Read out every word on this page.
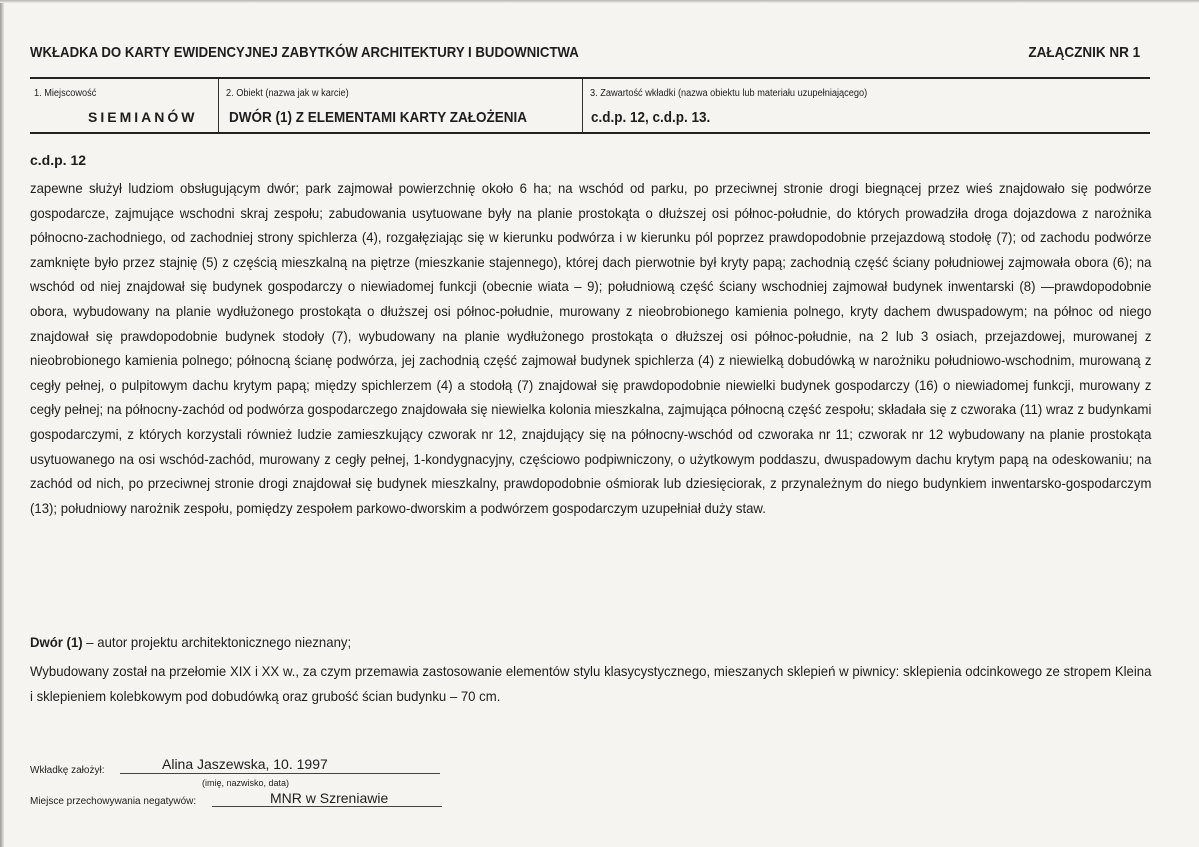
WKŁADKA DO KARTY EWIDENCYJNEJ ZABYTKÓW ARCHITEKTURY I BUDOWNICTWA	ZAŁĄCZNIK NR 1
1. Miejscowość
SIEMIANÓW
2. Obiekt (nazwa jak w karcie)
DWÓR (1) Z ELEMENTAMI KARTY ZAŁOŻENIA
3. Zawartość wkładki (nazwa obiektu lub materiału uzupełniającego)
c.d.p. 12, c.d.p. 13.
c.d.p. 12

zapewne służył ludziom obsługującym dwór; park zajmował powierzchnię około 6 ha; na wschód od parku, po przeciwnej stronie drogi biegnącej przez wieś znajdowało się podwórze gospodarcze, zajmujące wschodni skraj zespołu; zabudowania usytuowane były na planie prostokąta o dłuższej osi północ-południe, do których prowadziła droga dojazdowa z narożnika północno-zachodniego, od zachodniej strony spichlerza (4), rozgałęziając się w kierunku podwórza i w kierunku pól poprzez prawdopodobnie przejazdową stodołę (7); od zachodu podwórze zamknięte było przez stajnię (5) z częścią mieszkalną na piętrze (mieszkanie stajennego), której dach pierwotnie był kryty papą; zachodnią część ściany południowej zajmowała obora (6); na wschód od niej znajdował się budynek gospodarczy o niewiadomej funkcji (obecnie wiata – 9); południową część ściany wschodniej zajmował budynek inwentarski (8) —prawdopodobnie obora, wybudowany na planie wydłużonego prostokąta o dłuższej osi północ-południe, murowany z nieobrobionego kamienia polnego, kryty dachem dwuspadowym; na północ od niego znajdował się prawdopodobnie budynek stodoły (7), wybudowany na planie wydłużonego prostokąta o dłuższej osi północ-południe, na 2 lub 3 osiach, przejazdowej, murowanej z nieobrobionego kamienia polnego; północną ścianę podwórza, jej zachodnią część zajmował budynek spichlerza (4) z niewielką dobudówką w narożniku południowo-wschodnim, murowaną z cegły pełnej, o pulpitowym dachu krytym papą; między spichlerzem (4) a stodołą (7) znajdował się prawdopodobnie niewielki budynek gospodarczy (16) o niewiadomej funkcji, murowany z cegły pełnej; na północny-zachód od podwórza gospodarczego znajdowała się niewielka kolonia mieszkalna, zajmująca północną część zespołu; składała się z czworaka (11) wraz z budynkami gospodarczymi, z których korzystali również ludzie zamieszkujący czworak nr 12, znajdujący się na północny-wschód od czworaka nr 11; czworak nr 12 wybudowany na planie prostokąta usytuowanego na osi wschód-zachód, murowany z cegły pełnej, 1-kondygnacyjny, częściowo podpiwniczony, o użytkowym poddaszu, dwuspadowym dachu krytym papą na odeskowaniu; na zachód od nich, po przeciwnej stronie drogi znajdował się budynek mieszkalny, prawdopodobnie ośmiorak lub dziesięciorak, z przynależnym do niego budynkiem inwentarsko-gospodarczym (13); południowy narożnik zespołu, pomiędzy zespołem parkowo-dworskim a podwórzem gospodarczym uzupełniał duży staw.

Dwór (1) – autor projektu architektonicznego nieznany;

Wybudowany został na przełomie XIX i XX w., za czym przemawia zastosowanie elementów stylu klasycystycznego, mieszanych sklepień w piwnicy: sklepienia odcinkowego ze stropem Kleina i sklepieniem kolebkowym pod dobudówką oraz grubość ścian budynku – 70 cm.

Wkładkę założył:	Alina Jaszewska, 10. 1997
(imię, nazwisko, data)
Miejsce przechowywania negatywów:	MNR w Szreniawie
